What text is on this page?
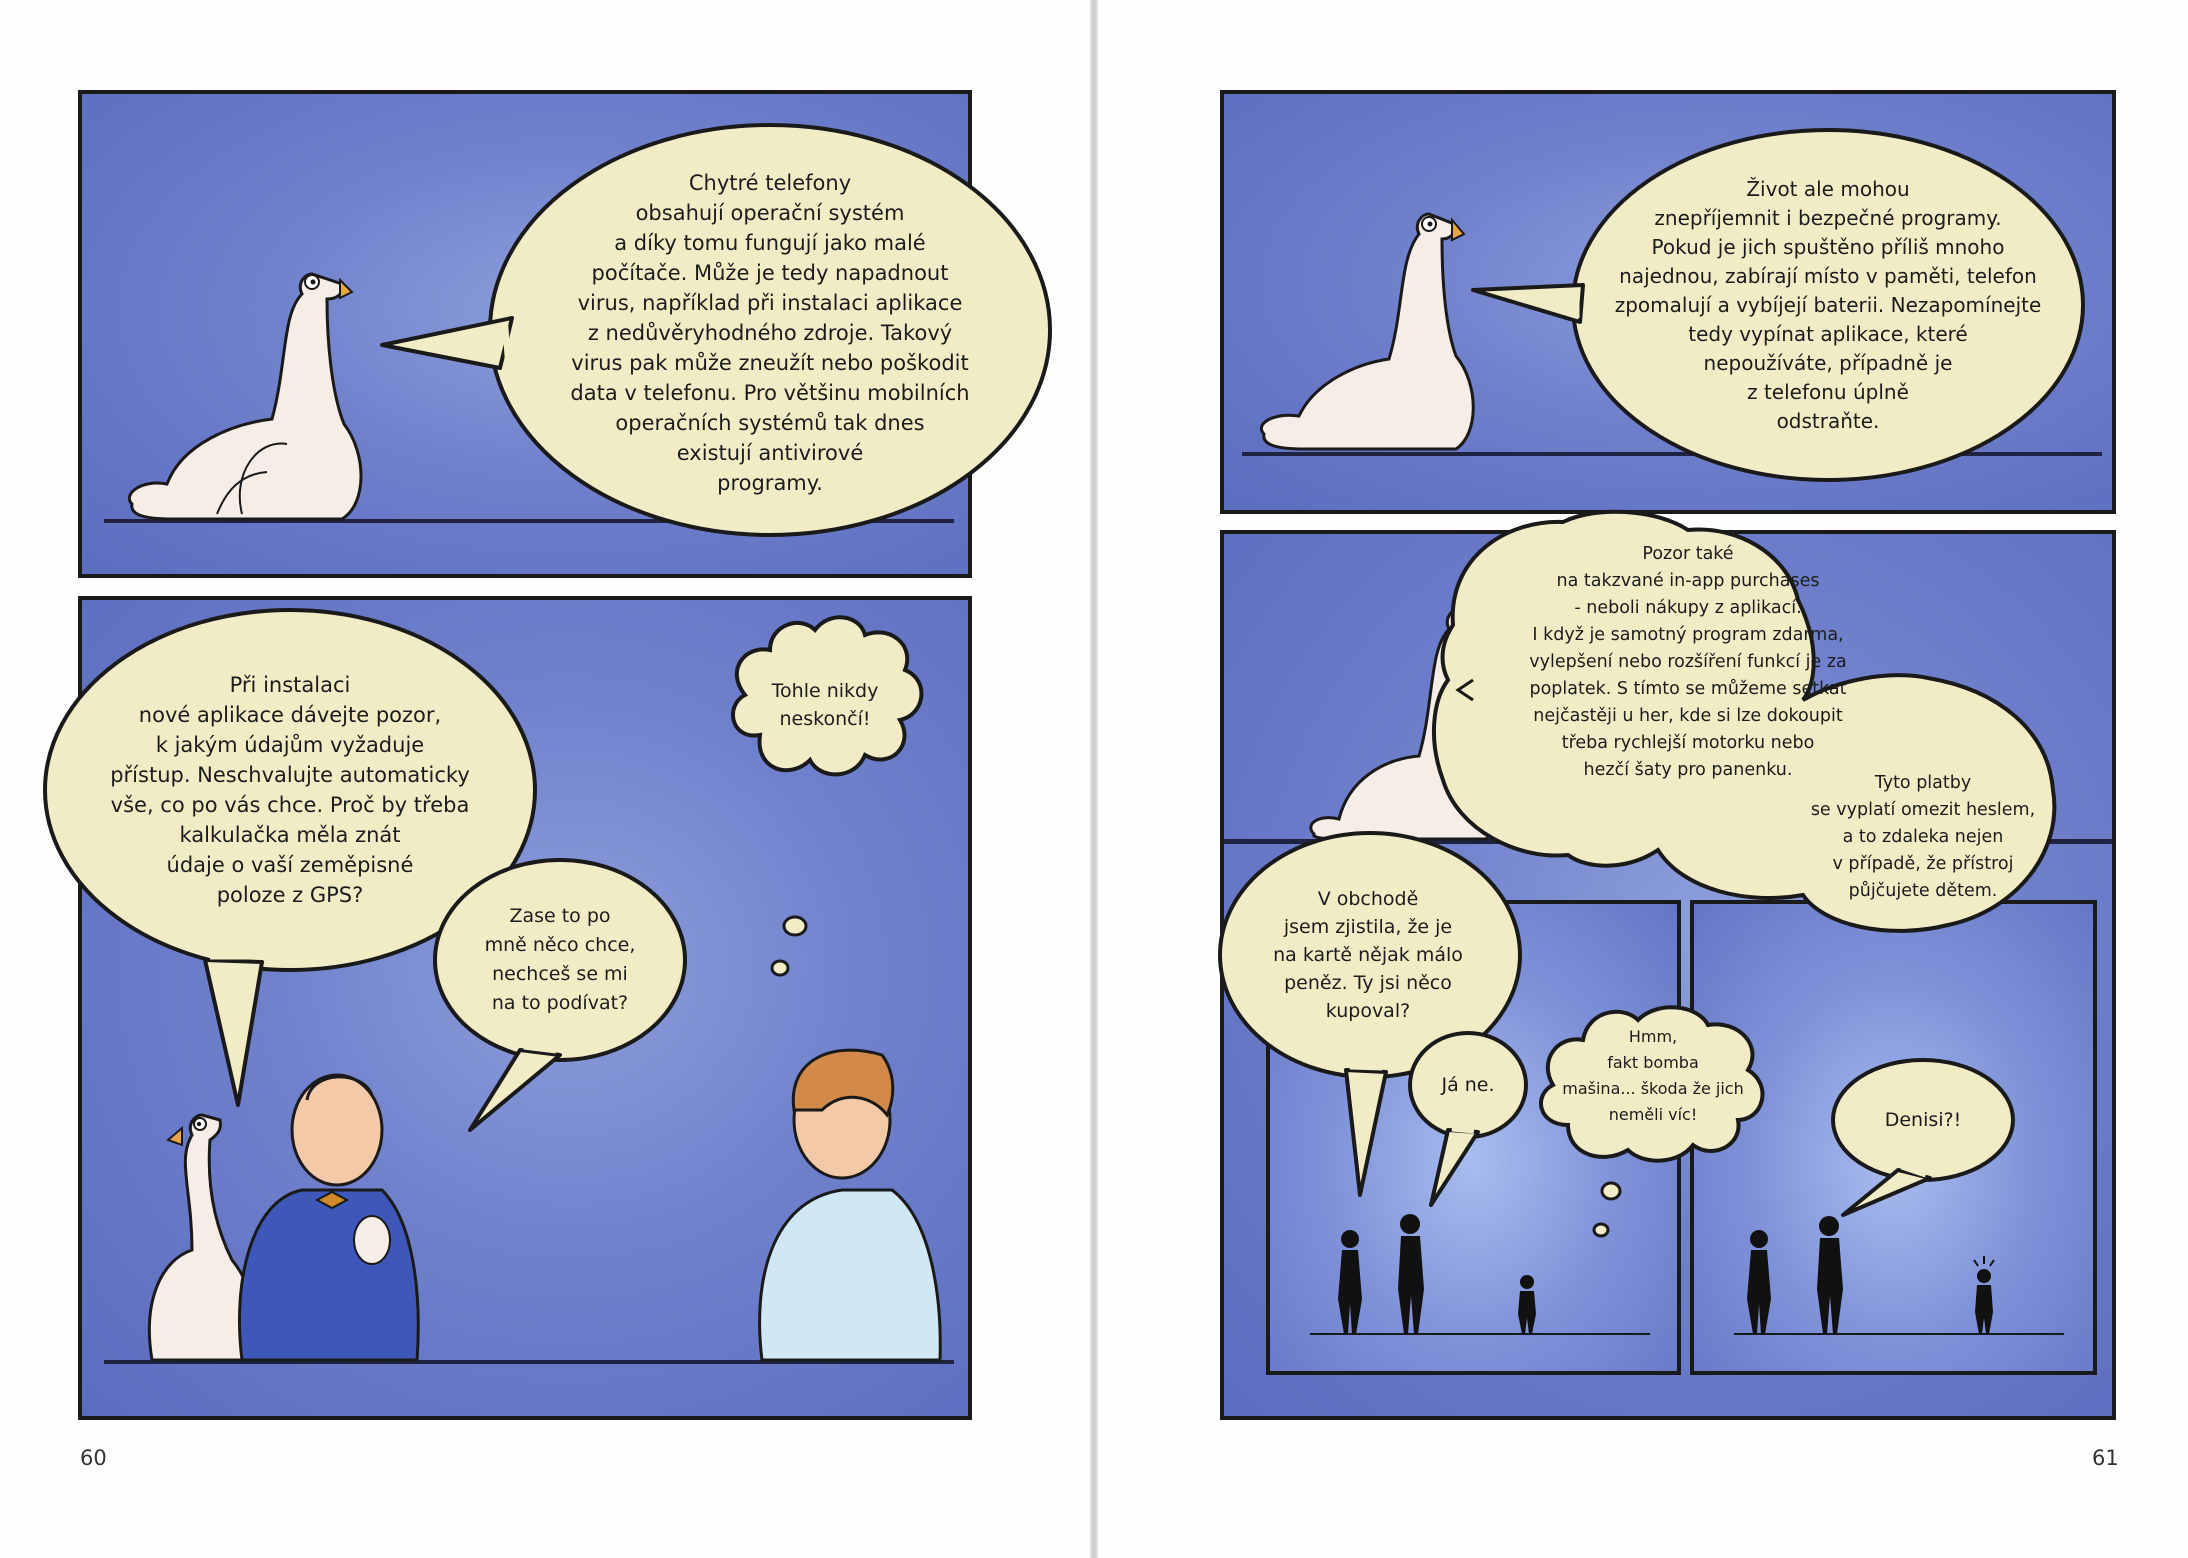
Chytré telefony
obsahují operační systém
a díky tomu fungují jako malé
počítače. Může je tedy napadnout
virus, například při instalaci aplikace
z nedůvěryhodného zdroje. Takový
virus pak může zneužít nebo poškodit
data v telefonu. Pro většinu mobilních
operačních systémů tak dnes
existují antivirové
programy.
Při instalaci
nové aplikace dávejte pozor,
k jakým údajům vyžaduje
přístup. Neschvalujte automaticky
vše, co po vás chce. Proč by třeba
kalkulačka měla znát
údaje o vaší zeměpisné
poloze z GPS?
Zase to po
mně něco chce,
nechceš se mi
na to podívat?
Tohle nikdy
neskončí!
60
Život ale mohou
znepříjemnit i bezpečné programy.
Pokud je jich spuštěno příliš mnoho
najednou, zabírají místo v paměti, telefon
zpomalují a vybíjejí baterii. Nezapomínejte
tedy vypínat aplikace, které
nepoužíváte, případně je
z telefonu úplně
odstraňte.
Pozor také
na takzvané in-app purchases
- neboli nákupy z aplikací.
I když je samotný program zdarma,
vylepšení nebo rozšíření funkcí je za
poplatek. S tímto se můžeme setkat
nejčastěji u her, kde si lze dokoupit
třeba rychlejší motorku nebo
hezčí šaty pro panenku.
Tyto platby
se vyplatí omezit heslem,
a to zdaleka nejen
v případě, že přístroj
půjčujete dětem.
V obchodě
jsem zjistila, že je
na kartě nějak málo
peněz. Ty jsi něco
kupoval?
Já ne.
Hmm,
fakt bomba
mašina... škoda že jich
neměli víc!	Denisi?!
61
